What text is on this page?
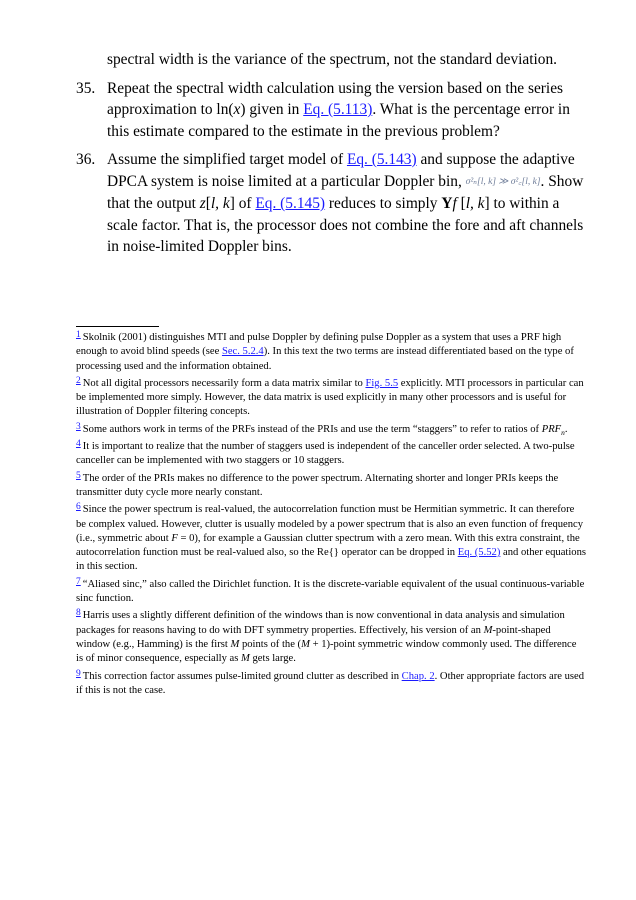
spectral width is the variance of the spectrum, not the standard deviation.

35. Repeat the spectral width calculation using the version based on the series approximation to ln(x) given in Eq. (5.113). What is the percentage error in this estimate compared to the estimate in the previous problem?
36. Assume the simplified target model of Eq. (5.143) and suppose the adaptive DPCA system is noise limited at a particular Doppler bin, σ²ₙ[l, k] ≫ σ²꜀[l, k]. Show that the output z[l, k] of Eq. (5.145) reduces to simply Yf [l, k] to within a scale factor. That is, the processor does not combine the fore and aft channels in noise-limited Doppler bins.

$^1$ Skolnik (2001) distinguishes MTI and pulse Doppler by defining pulse Doppler as a system that uses a PRF high enough to avoid blind speeds (see Sec. 5.2.4). In this text the two terms are instead differentiated based on the type of processing used and the information obtained.

$^2$ Not all digital processors necessarily form a data matrix similar to Fig. 5.5 explicitly. MTI processors in particular can be implemented more simply. However, the data matrix is used explicitly in many other processors and is useful for illustration of Doppler filtering concepts.

$^3$ Some authors work in terms of the PRFs instead of the PRIs and use the term “staggers” to refer to ratios of $PRF_n$.

$^4$ It is important to realize that the number of staggers used is independent of the canceller order selected. A two-pulse canceller can be implemented with two staggers or 10 staggers.

$^5$ The order of the PRIs makes no difference to the power spectrum. Alternating shorter and longer PRIs keeps the transmitter duty cycle more nearly constant.

$^6$ Since the power spectrum is real-valued, the autocorrelation function must be Hermitian symmetric. It can therefore be complex valued. However, clutter is usually modeled by a power spectrum that is also an even function of frequency (i.e., symmetric about F = 0), for example a Gaussian clutter spectrum with a zero mean. With this extra constraint, the autocorrelation function must be real-valued also, so the Re{} operator can be dropped in Eq. (5.52) and other equations in this section.

$^7$ “Aliased sinc,” also called the Dirichlet function. It is the discrete-variable equivalent of the usual continuous-variable sinc function.

$^8$ Harris uses a slightly different definition of the windows than is now conventional in data analysis and simulation packages for reasons having to do with DFT symmetry properties. Effectively, his version of an M-point-shaped window (e.g., Hamming) is the first M points of the (M + 1)-point symmetric window commonly used. The difference is of minor consequence, especially as M gets large.

$^9$ This correction factor assumes pulse-limited ground clutter as described in Chap. 2. Other appropriate factors are used if this is not the case.
